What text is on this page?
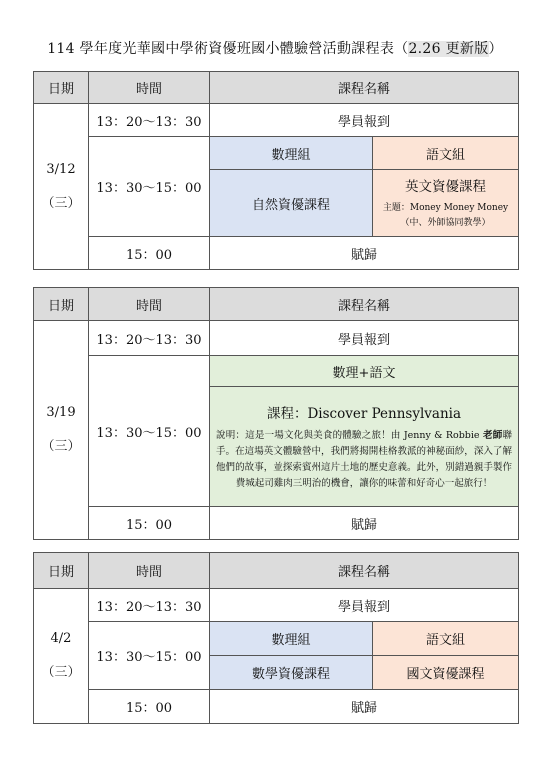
114 學年度光華國中學術資優班國小體驗營活動課程表（2.26 更新版）
日期	時間	課程名稱	

3/12
（三）	13：20～13：30	學員報到	
	13：30～15：00	數理組	語文組
		自然資優課程	英文資優課程
主題：Money Money Money
（中、外師協同教學）

	15：00	賦歸	
日期	時間	課程名稱

3/19
（三）	13：20～13：30	學員報到
	13：30～15：00	數理+語文

		課程：Discover Pennsylvania
說明：這是一場文化與美食的體驗之旅！由 Jenny & Robbie 老師聯手。在這場英文體驗營中，我們將揭開桂格教派的神秘面紗，深入了解他們的故事，並探索賓州這片土地的歷史意義。此外，別錯過親手製作費城起司雞肉三明治的機會，讓你的味蕾和好奇心一起旅行！

	15：00	賦歸
日期	時間	課程名稱	

4/2
（三）	13：20～13：30	學員報到	
	13：30～15：00	數理組	語文組
		數學資優課程	國文資優課程
	15：00	賦歸	
